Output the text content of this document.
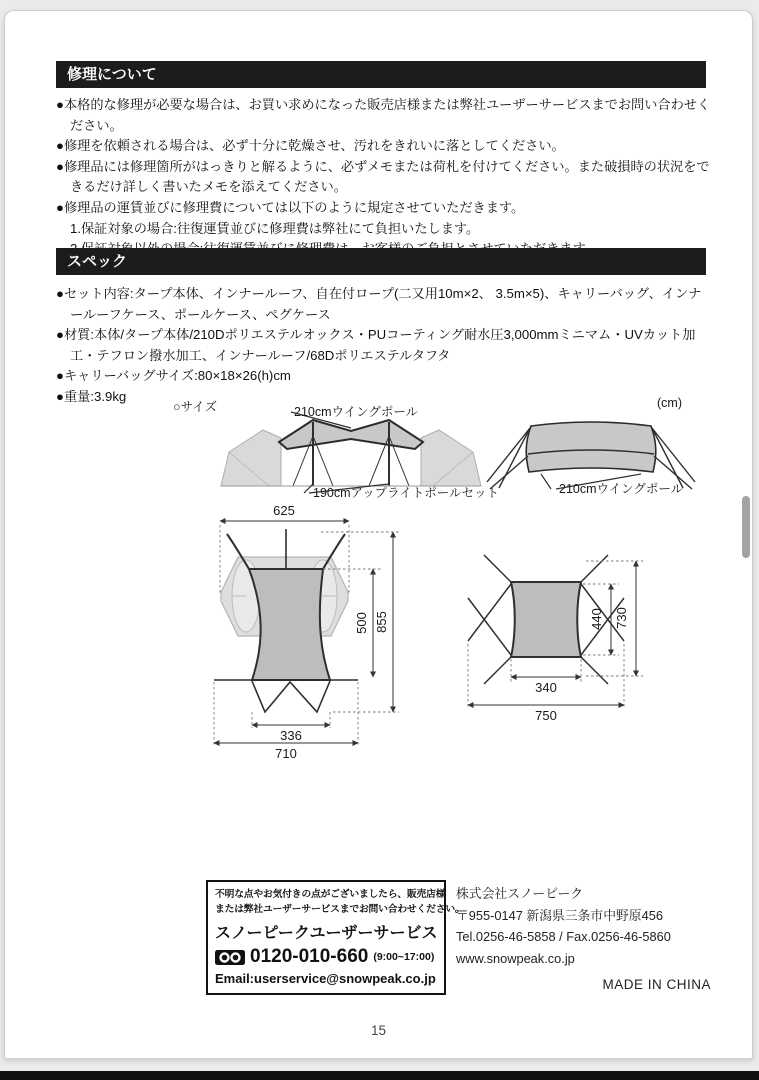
修理について

●本格的な修理が必要な場合は、お買い求めになった販売店様または弊社ユーザーサービスまでお問い合わせください。

●修理を依頼される場合は、必ず十分に乾燥させ、汚れをきれいに落としてください。

●修理品には修理箇所がはっきりと解るように、必ずメモまたは荷札を付けてください。また破損時の状況をできるだけ詳しく書いたメモを添えてください。

●修理品の運賃並びに修理費については以下のように規定させていただきます。

1.保証対象の場合:往復運賃並びに修理費は弊社にて負担いたします。

スペック

●セット内容:タープ本体、インナールーフ、自在付ロープ(二又用10m×2、 3.5m×5)、キャリーバッグ、インナールーフケース、ポールケース、ペグケース

●材質:本体/タープ本体/210Dポリエステルオックス・PUコーティング耐水圧3,000mmミニマム・UVカット加工・テフロン撥水加工、インナールーフ/68Dポリエステルタフタ

●キャリーバッグサイズ:80×18×26(h)cm

●重量:3.9kg

○サイズ	(cm)
210cmウイングポール
190cmアップライトポールセット	210cmウイングポール
625
500 855
336
710
440 730
340
750
不明な点やお気付きの点がございましたら、販売店様
または弊社ユーザーサービスまでお問い合わせください。
スノーピークユーザーサービス
0120-010-660 (9:00~17:00)
Email:userservice@snowpeak.co.jp
株式会社スノーピーク
〒955-0147 新潟県三条市中野原456
Tel.0256-46-5858 / Fax.0256-46-5860
www.snowpeak.co.jp
MADE IN CHINA
15
